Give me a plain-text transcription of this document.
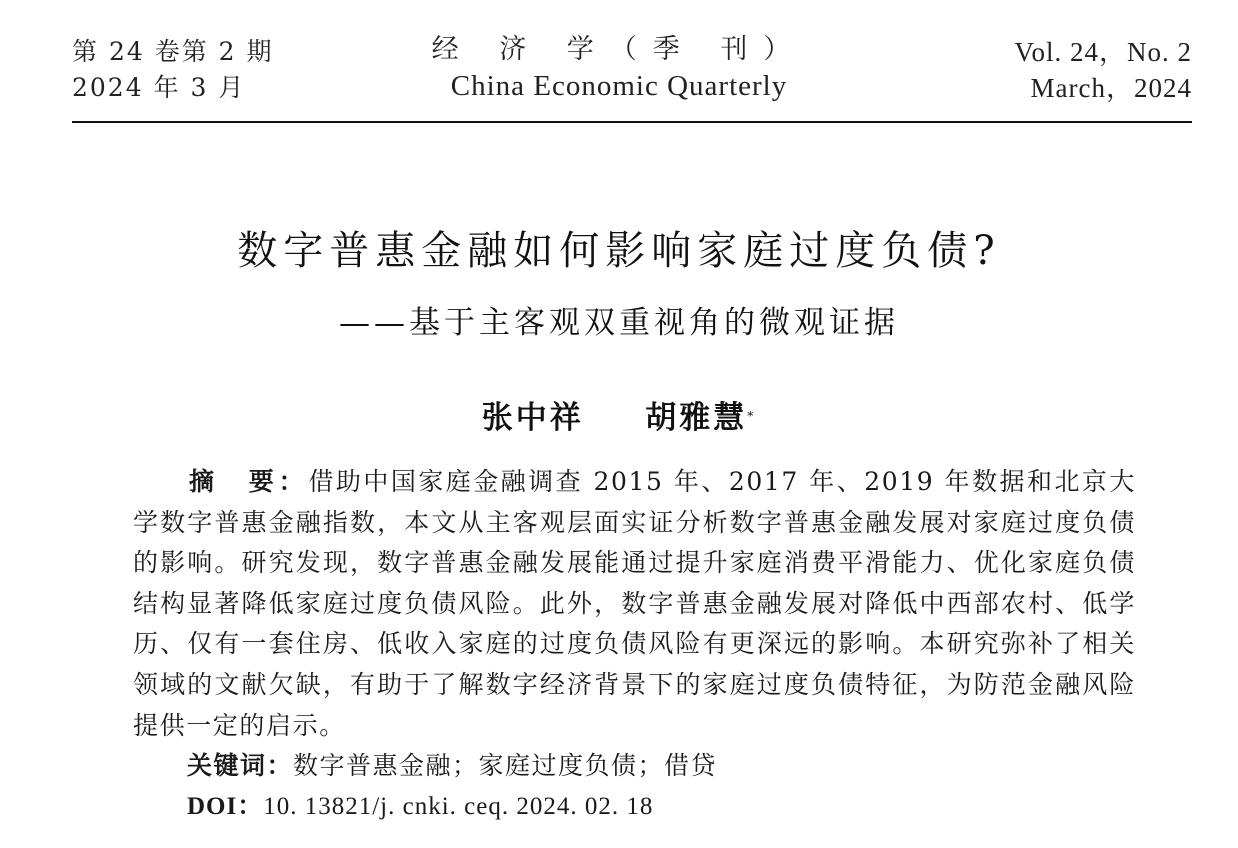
第 24 卷第 2 期
2024 年 3 月
经 济 学（季 刊）
China Economic Quarterly
Vol. 24，No. 2
March，2024
数字普惠金融如何影响家庭过度负债?
——基于主客观双重视角的微观证据
张中祥 胡雅慧*
摘　要：借助中国家庭金融调查 2015 年、2017 年、2019 年数据和北京大学数字普惠金融指数，本文从主客观层面实证分析数字普惠金融发展对家庭过度负债的影响。研究发现，数字普惠金融发展能通过提升家庭消费平滑能力、优化家庭负债结构显著降低家庭过度负债风险。此外，数字普惠金融发展对降低中西部农村、低学历、仅有一套住房、低收入家庭的过度负债风险有更深远的影响。本研究弥补了相关领域的文献欠缺，有助于了解数字经济背景下的家庭过度负债特征，为防范金融风险提供一定的启示。
关键词：数字普惠金融；家庭过度负债；借贷
DOI：10. 13821/j. cnki. ceq. 2024. 02. 18
